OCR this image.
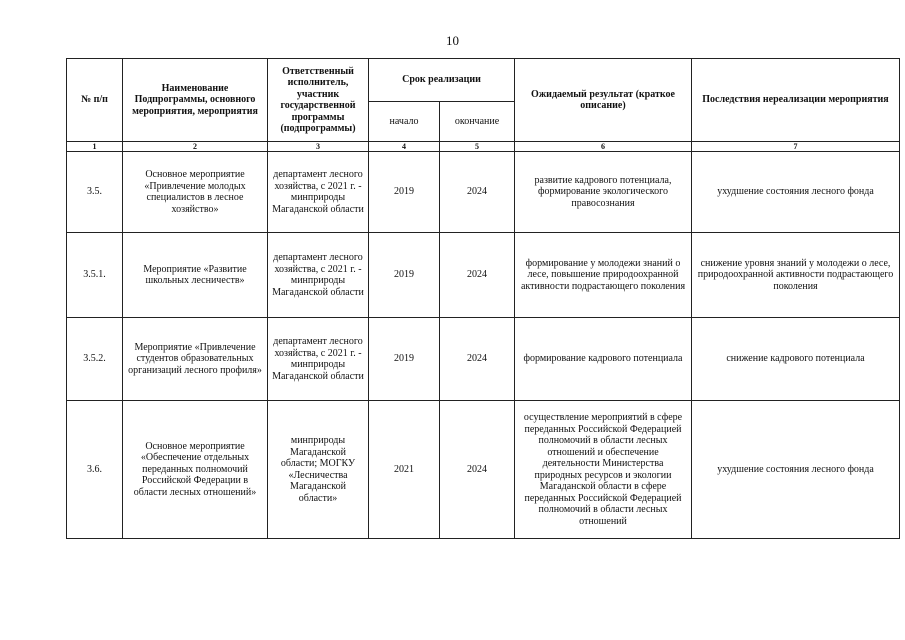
10
№ п/п	Наименование Подпрограммы, основного мероприятия, мероприятия	Ответственный исполнитель, участник государственной программы (подпрограммы)	Срок реализации		Ожидаемый результат (краткое описание)	Последствия нереализации мероприятия
			начало	окончание		
1	2	3	4	5	6	7
3.5.	Основное мероприятие «Привлечение молодых специалистов в лесное хозяйство»	департамент лесного хозяйства, с 2021 г. - минприроды Магаданской области	2019	2024	развитие кадрового потенциала, формирование экологического правосознания	ухудшение состояния лесного фонда
3.5.1.	Мероприятие «Развитие школьных лесничеств»	департамент лесного хозяйства, с 2021 г. - минприроды Магаданской области	2019	2024	формирование у молодежи знаний о лесе, повышение природоохранной активности подрастающего поколения	снижение уровня знаний у молодежи о лесе, природоохранной активности подрастающего поколения
3.5.2.	Мероприятие «Привлечение студентов образовательных организаций лесного профиля»	департамент лесного хозяйства, с 2021 г. - минприроды Магаданской области	2019	2024	формирование кадрового потенциала	снижение кадрового потенциала
3.6.	Основное мероприятие «Обеспечение отдельных переданных полномочий Российской Федерации в области лесных отношений»	минприроды Магаданской области; МОГКУ «Лесничества Магаданской области»	2021	2024	осуществление мероприятий в сфере переданных Российской Федерацией полномочий в области лесных отношений и обеспечение деятельности Министерства природных ресурсов и экологии Магаданской области в сфере переданных Российской Федерацией полномочий в области лесных отношений	ухудшение состояния лесного фонда
